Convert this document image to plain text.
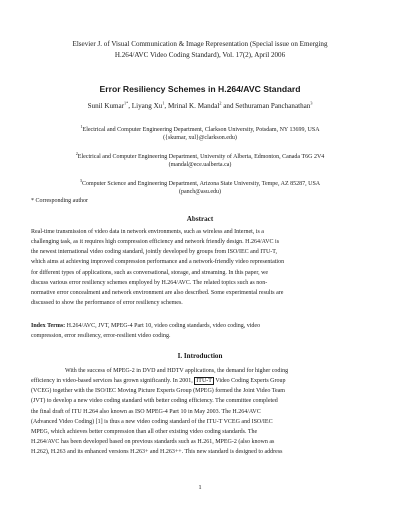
Elsevier J. of Visual Communication & Image Representation (Special issue on Emerging
H.264/AVC Video Coding Standard), Vol. 17(2), April 2006
Error Resiliency Schemes in H.264/AVC Standard
Sunil Kumar$^{1*}$, Liyang Xu$^1$, Mrinal K. Mandal$^2$ and Sethuraman Panchanathan$^3$
$^1$Electrical and Computer Engineering Department, Clarkson University, Potsdam, NY 13699, USA
({skumar, xul}@clarkson.edu)
$^2$Electrical and Computer Engineering Department, University of Alberta, Edmonton, Canada T6G 2V4
(mandal@ece.ualberta.ca)
$^3$Computer Science and Engineering Department, Arizona State University, Tempe, AZ 85287, USA
(panch@asu.edu)
* Corresponding author
Abstract
Real-time transmission of video data in network environments, such as wireless and Internet, is a
challenging task, as it requires high compression efficiency and network friendly design. H.264/AVC is
the newest international video coding standard, jointly developed by groups from ISO/IEC and ITU-T,
which aims at achieving improved compression performance and a network-friendly video representation
for different types of applications, such as conversational, storage, and streaming. In this paper, we
discuss various error resiliency schemes employed by H.264/AVC. The related topics such as non-
normative error concealment and network environment are also described. Some experimental results are
discussed to show the performance of error resiliency schemes.
Index Terms: H.264/AVC, JVT, MPEG-4 Part 10, video coding standards, video coding, video
compression, error resiliency, error-resilient video coding.
I. Introduction
With the success of MPEG-2 in DVD and HDTV applications, the demand for higher coding
efficiency in video-based services has grown significantly. In 2001, ITU-T Video Coding Experts Group
(VCEG) together with the ISO/IEC Moving Picture Experts Group (MPEG) formed the Joint Video Team
(JVT) to develop a new video coding standard with better coding efficiency. The committee completed
the final draft of ITU H.264 also known as ISO MPEG-4 Part 10 in May 2003. The H.264/AVC
(Advanced Video Coding) [1] is thus a new video coding standard of the ITU-T VCEG and ISO/IEC
MPEG, which achieves better compression than all other existing video coding standards. The
H.264/AVC has been developed based on previous standards such as H.261, MPEG-2 (also known as
H.262), H.263 and its enhanced versions H.263+ and H.263++. This new standard is designed to address
1
